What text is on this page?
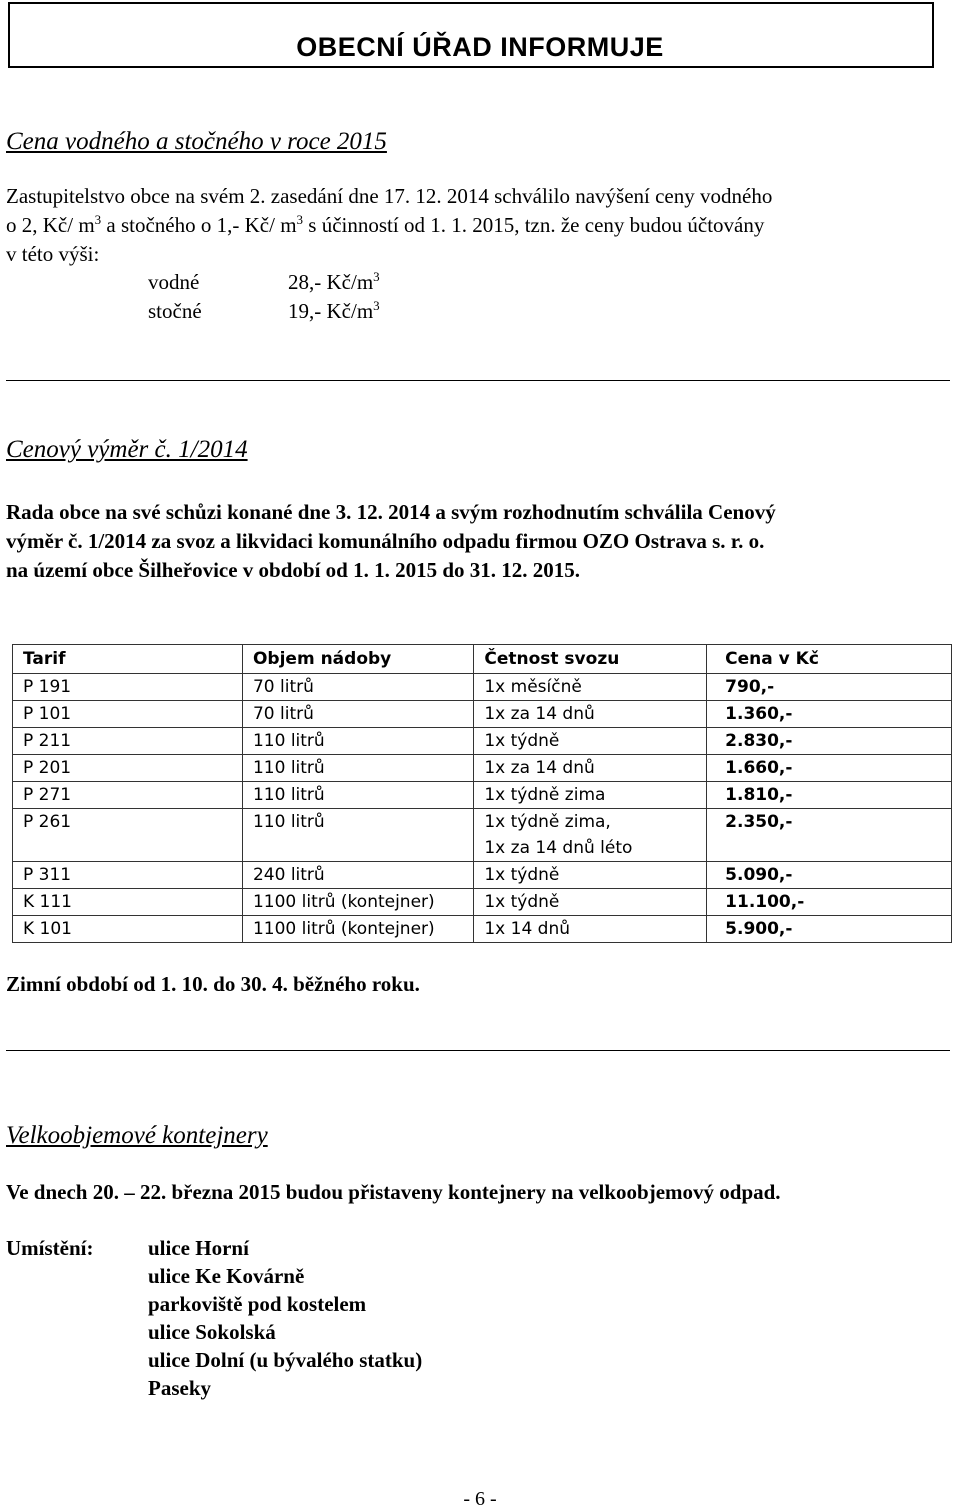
OBECNÍ ÚŘAD INFORMUJE
Cena vodného a stočného v roce 2015
Zastupitelstvo obce na svém 2. zasedání dne 17. 12. 2014 schválilo navýšení ceny vodného
o 2, Kč/ $m^3$ a stočného o 1,- Kč/ $m^3$ s účinností od 1. 1. 2015, tzn. že ceny budou účtovány
v této výši:
vodné	28,- $Kč/m^3$
stočné	19,- $Kč/m^3$
Cenový výměr č. 1/2014
Rada obce na své schůzi konané dne 3. 12. 2014 a svým rozhodnutím schválila Cenový
výměr č. 1/2014 za svoz a likvidaci komunálního odpadu firmou OZO Ostrava s. r. o.
na území obce Šilheřovice v období od 1. 1. 2015 do 31. 12. 2015.
Tarif	Objem nádoby	Četnost svozu	Cena v Kč
P 191	70 litrů	1x měsíčně	790,-
P 101	70 litrů	1x za 14 dnů	1.360,-
P 211	110 litrů	1x týdně	2.830,-
P 201	110 litrů	1x za 14 dnů	1.660,-
P 271	110 litrů	1x týdně zima	1.810,-
P 261	110 litrů	1x týdně zima,
1x za 14 dnů léto	2.350,-
P 311	240 litrů	1x týdně	5.090,-
K 111	1100 litrů (kontejner)	1x týdně	11.100,-
K 101	1100 litrů (kontejner)	1x 14 dnů	5.900,-
Zimní období od 1. 10. do 30. 4. běžného roku.
Velkoobjemové kontejnery
Ve dnech 20. – 22. března 2015 budou přistaveny kontejnery na velkoobjemový odpad.
Umístění:	ulice Horní
ulice Ke Kovárně
parkoviště pod kostelem
ulice Sokolská
ulice Dolní (u bývalého statku)
Paseky
- 6 -
